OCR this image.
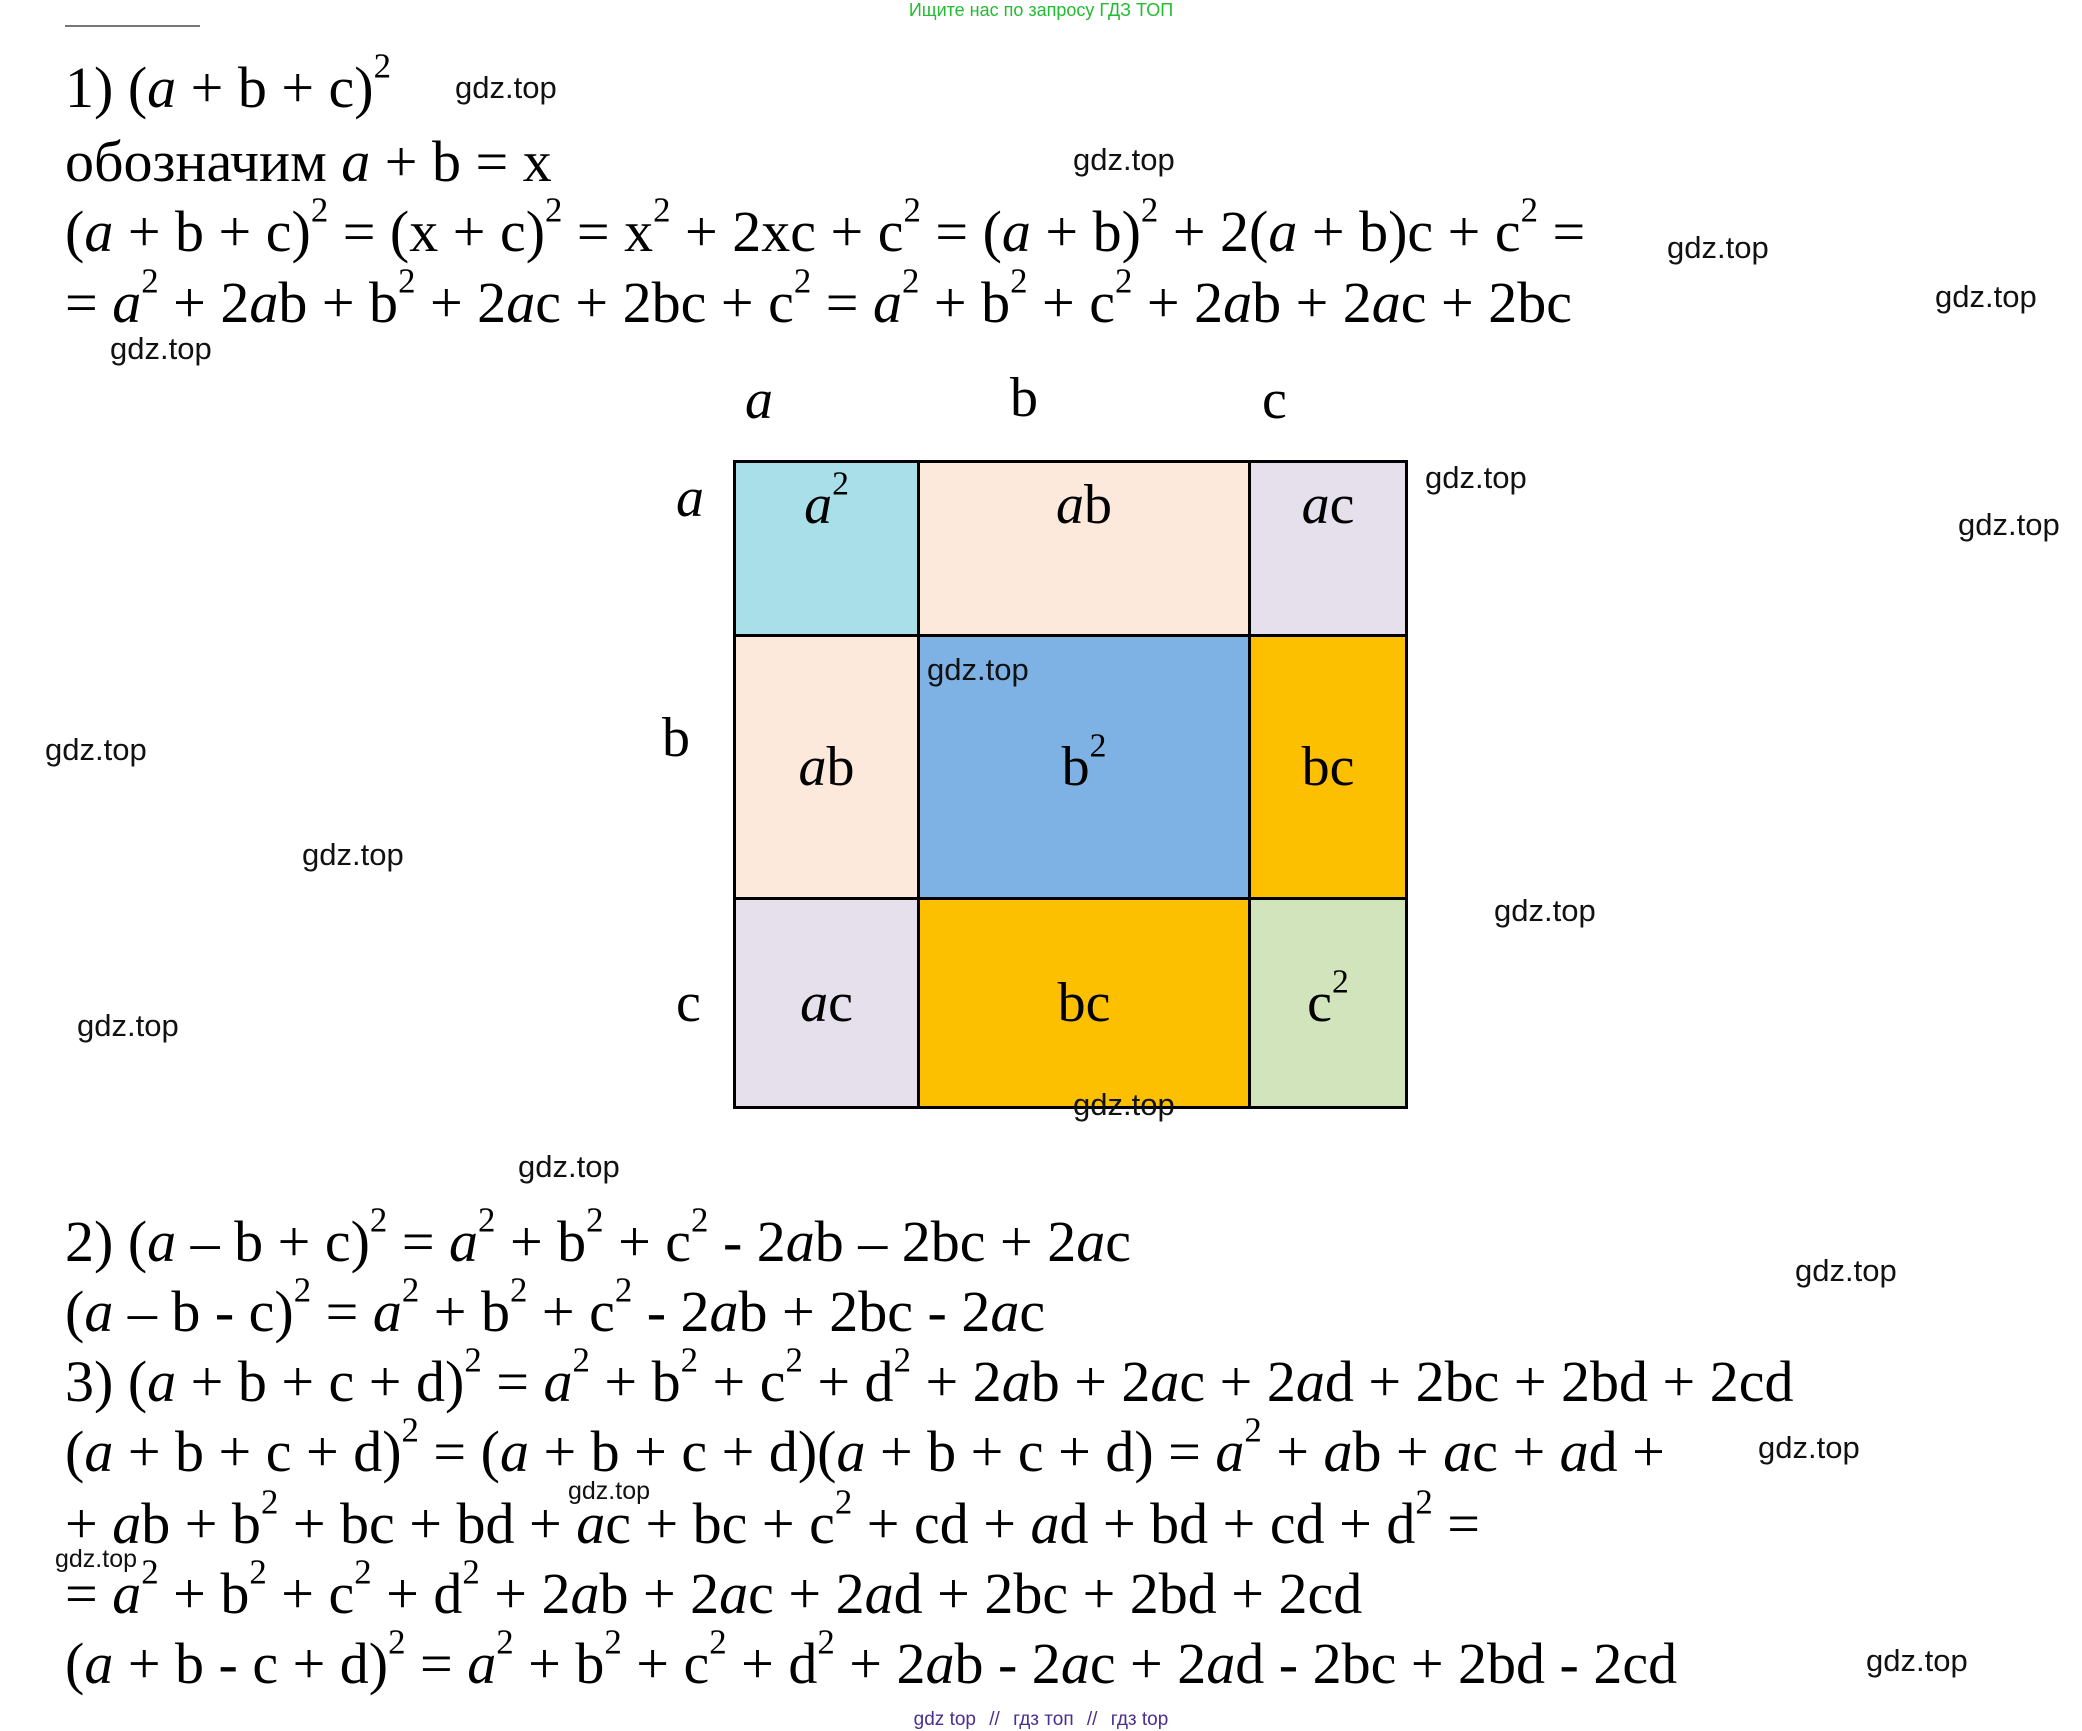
Ищите нас по запросу ГДЗ ТОП
1) $(a + b + c)^2$
обозначим a + b = x
$(a + b + c)^2 = (x + c)^2 = x^2 + 2xc + c^2 = (a + b)^2 + 2(a + b)c + c^2$ =
= $a^2 + 2ab + b^2 + 2ac + 2bc + c^2 = a^2 + b^2 + c^2 + 2ab + 2ac + 2bc$
a	b	c
a
b
c
$a^2$	ab	ac
ab	$b^2$	bc
ac	bc	$c^2$
2) $(a - b + c)^2 = a^2 + b^2 + c^2 - 2ab - 2bc + 2ac$
$(a - b - c)^2 = a^2 + b^2 + c^2 - 2ab + 2bc - 2ac$
3) $(a + b + c + d)^2 = a^2 + b^2 + c^2 + d^2 + 2ab + 2ac + 2ad + 2bc + 2bd + 2cd$
$(a + b + c + d)^2 = (a + b + c + d)(a + b + c + d) = a^2$ + ab + ac + ad +
+ ab + $b^2$ + bc + bd + ac + bc + $c^2$ + cd + ad + bd + cd + $d^2$ =
= $a^2 + b^2 + c^2 + d^2 + 2ab + 2ac + 2ad + 2bc + 2bd + 2cd$
$(a + b - c + d)^2 = a^2 + b^2 + c^2 + d^2 + 2ab - 2ac + 2ad - 2bc + 2bd - 2cd$
gdz.top
gdz.top
gdz.top
gdz.top
gdz.top
gdz.top
gdz.top
gdz.top
gdz.top
gdz.top
gdz.top
gdz.top
gdz.top
gdz.top
gdz.top
gdz.top
gdz.top
gdz.top
gdz.top
gdz top // гдз топ // гдз top
